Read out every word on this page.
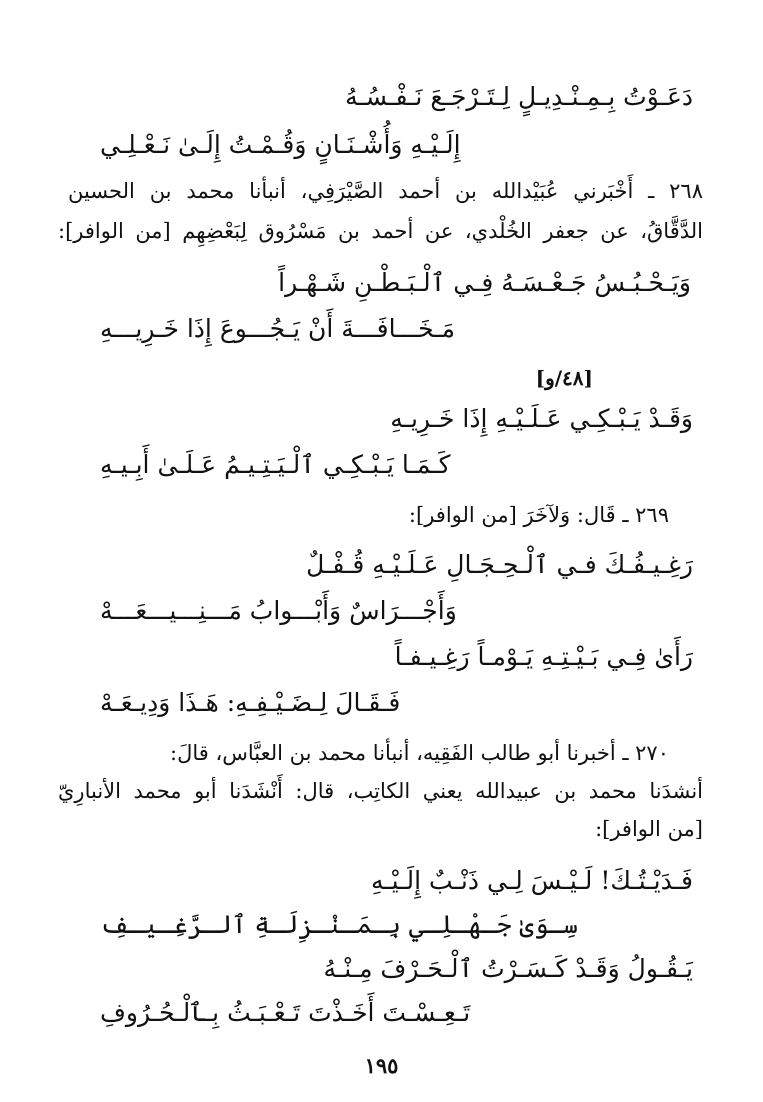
دَعَـوْتُ بِـمِـنْـدِيـلٍ لِـتَـرْجَـعَ نَـفْـسُـهُ
إِلَـيْـهِ وَأُشْـنَـانٍ وَقُـمْـتُ إِلَـىٰ نَـعْـلِـي
٢٦٨ ـ أَخْبَرني عُبَيْدالله بن أحمد الصَّيْرَفِي، أنبأنا محمد بن الحسين
الدَّقَّاقُ، عن جعفر الخُلْدي، عن أحمد بن مَسْرُوق لِبَعْضِهِم [من الوافر]:
وَيَـحْـبُـسُ جَـعْـسَـهُ فِـي ٱلْـبَـطْـنِ شَـهْـراً
مَـخَـــافَـــةَ أَنْ يَـجُـــوعَ إِذَا خَـرِيـــهِ
[٤٨/و]
وَقَـدْ يَـبْـكِـي عَـلَـيْـهِ إِذَا خَـرِيـهِ
كَـمَـا يَـبْـكِـي ٱلْـيَـتِـيـمُ عَـلَـىٰ أَبِـيـهِ
٢٦٩ ـ قَال: وَلآخَرَ [من الوافر]:
رَغِـيـفُـكَ فـي ٱلْـحِـجَـالِ عَـلَـيْـهِ قُـفْـلٌ
وَأَجْـــرَاسٌ وَأَبْـــوابُ مَـــنِـــيـــعَـــهْ
رَأَىٰ فِـي بَـيْـتِـهِ يَـوْمـاً رَغِـيـفـاً
فَـقَـالَ لِـضَـيْـفِـهِ: هَـذَا وَدِيـعَـهْ
٢٧٠ ـ أخبرنا أبو طالب الفَقِيه، أنبأنا محمد بن العبَّاس، قالَ:
أنشدَنا محمد بن عبيدالله يعني الكاتِب، قال: أَنْشَدَنا أبو محمد الأنبارِيّ
[من الوافر]:
فَـدَيْـتُـكَ! لَـيْـسَ لِـي ذَنْـبٌ إِلَـيْـهِ
سِـوَىٰ جَـهْـلِـي بِـمَـنْـزِلَـةِ ٱلـرَّغِـيـفِ
يَـقُـولُ وَقَـدْ كَـسَـرْتُ ٱلْـحَـرْفَ مِـنْـهُ
تَـعِـسْـتَ أَخَـذْتَ تَـعْـبَـثُ بِـٱلْـحُـرُوفِ
١٩٥
